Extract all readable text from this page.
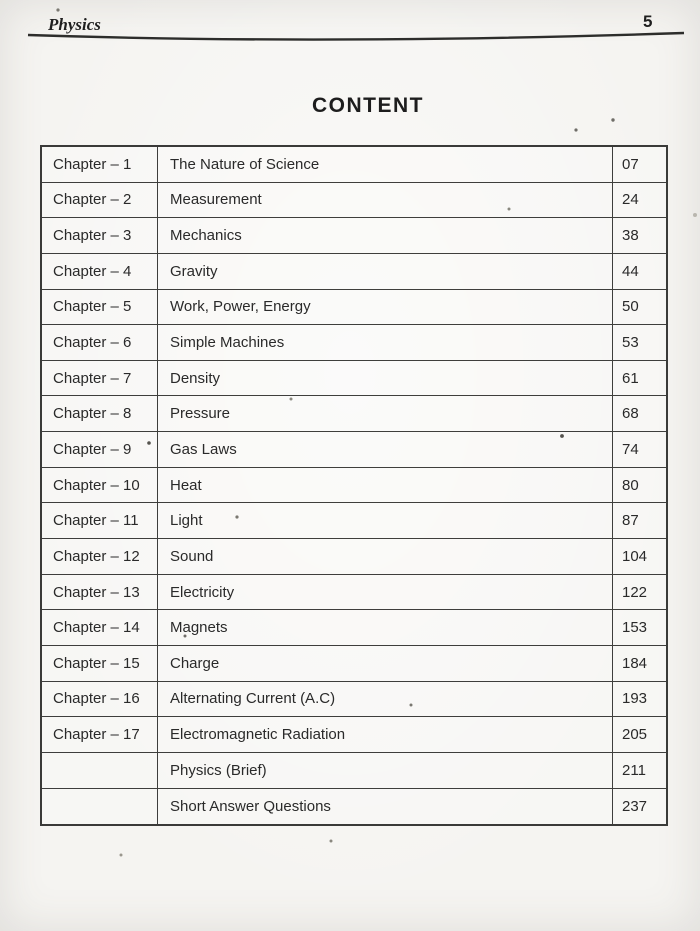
Physics	5
CONTENT
Chapter – 1	The Nature of Science	07
Chapter – 2	Measurement	24
Chapter – 3	Mechanics	38
Chapter – 4	Gravity	44
Chapter – 5	Work, Power, Energy	50
Chapter – 6	Simple Machines	53
Chapter – 7	Density	61
Chapter – 8	Pressure	68
Chapter – 9	Gas Laws	74
Chapter – 10	Heat	80
Chapter – 11	Light	87
Chapter – 12	Sound	104
Chapter – 13	Electricity	122
Chapter – 14	Magnets	153
Chapter – 15	Charge	184
Chapter – 16	Alternating Current (A.C)	193
Chapter – 17	Electromagnetic Radiation	205
Physics (Brief)	211
Short Answer Questions	237
